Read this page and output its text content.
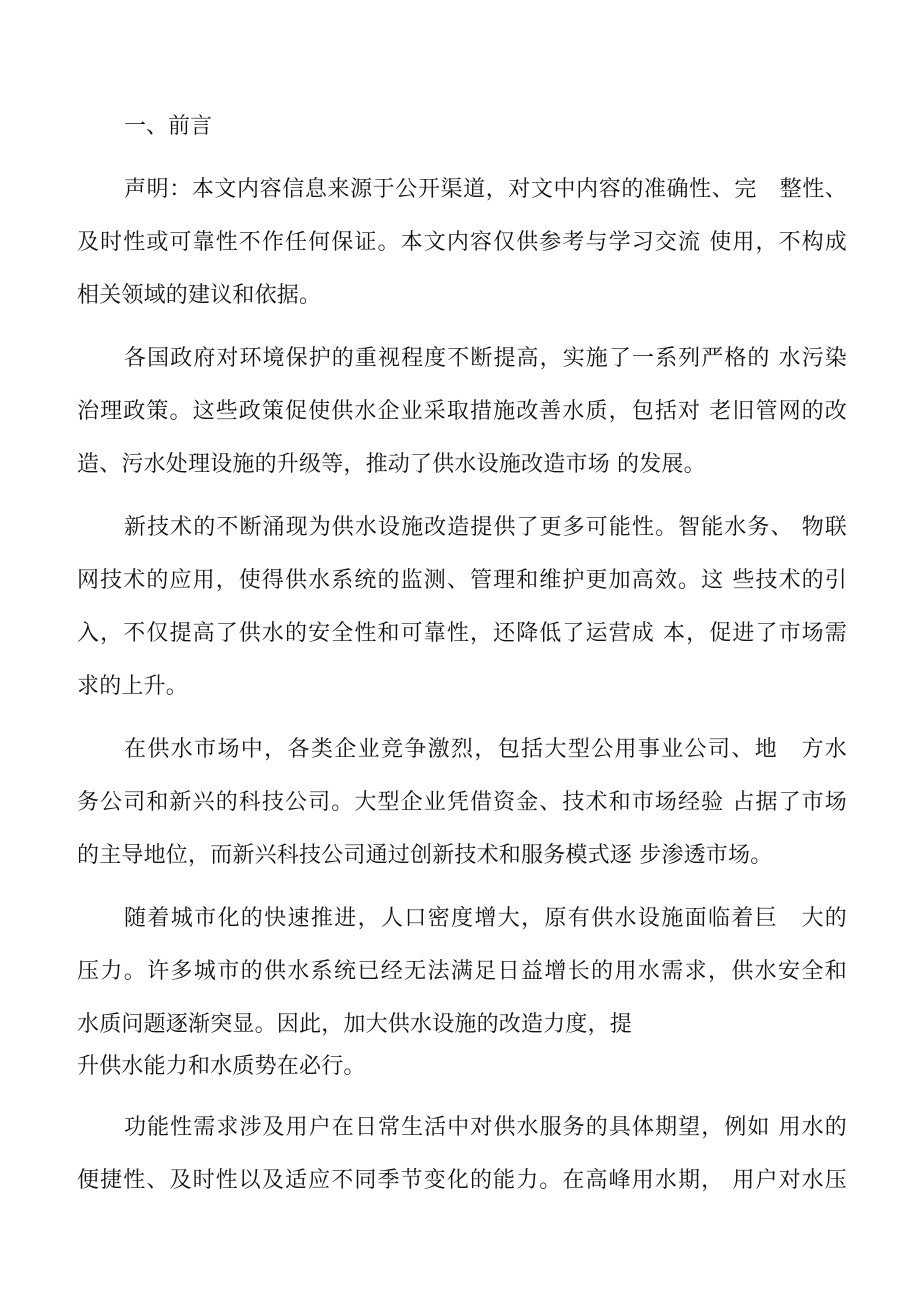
一、前言
声明：本文内容信息来源于公开渠道，对文中内容的准确性、完　整性、
及时性或可靠性不作任何保证。本文内容仅供参考与学习交流 使用，不构成
相关领域的建议和依据。
各国政府对环境保护的重视程度不断提高，实施了一系列严格的 水污染
治理政策。这些政策促使供水企业采取措施改善水质，包括对 老旧管网的改
造、污水处理设施的升级等，推动了供水设施改造市场 的发展。
新技术的不断涌现为供水设施改造提供了更多可能性。智能水务、 物联
网技术的应用，使得供水系统的监测、管理和维护更加高效。这 些技术的引
入，不仅提高了供水的安全性和可靠性，还降低了运营成 本，促进了市场需
求的上升。
在供水市场中，各类企业竞争激烈，包括大型公用事业公司、地　方水
务公司和新兴的科技公司。大型企业凭借资金、技术和市场经验 占据了市场
的主导地位，而新兴科技公司通过创新技术和服务模式逐 步渗透市场。
随着城市化的快速推进，人口密度增大，原有供水设施面临着巨　大的
压力。许多城市的供水系统已经无法满足日益增长的用水需求，供水安全和
水质问题逐渐突显。因此，加大供水设施的改造力度，提
升供水能力和水质势在必行。
功能性需求涉及用户在日常生活中对供水服务的具体期望，例如 用水的
便捷性、及时性以及适应不同季节变化的能力。在高峰用水期， 用户对水压
